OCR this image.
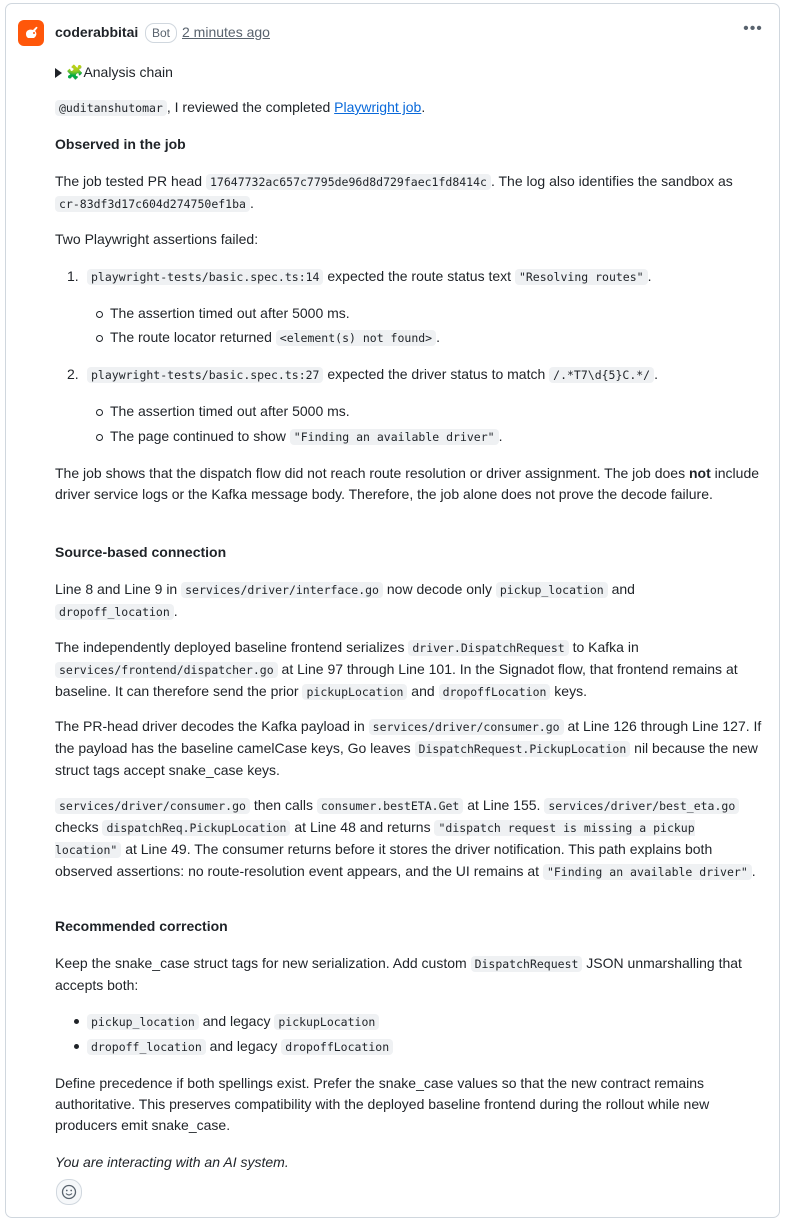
coderabbitai	Bot 2 minutes ago	•••
🧩 Analysis chain
@uditanshutomar , I reviewed the completed Playwright job.
Observed in the job
The job tested PR head 17647732ac657c7795de96d8d729faec1fd8414c . The log also identifies the sandbox as
cr-83df3d17c604d274750ef1ba .
Two Playwright assertions failed:
1.	playwright-tests/basic.spec.ts:14 expected the route status text "Resolving routes" .
The assertion timed out after 5000 ms.
The route locator returned <element(s) not found> .
2.	playwright-tests/basic.spec.ts:27 expected the driver status to match /.*T7\d{5}C.*/ .
The assertion timed out after 5000 ms.
The page continued to show "Finding an available driver" .
The job shows that the dispatch flow did not reach route resolution or driver assignment. The job does not include driver service logs or the Kafka message body. Therefore, the job alone does not prove the decode failure.
Source-based connection
Line 8 and Line 9 in services/driver/interface.go now decode only pickup_location and
dropoff_location .
The independently deployed baseline frontend serializes driver.DispatchRequest to Kafka in
services/frontend/dispatcher.go at Line 97 through Line 101. In the Signadot flow, that frontend remains at baseline. It can therefore send the prior pickupLocation and dropoffLocation keys.
The PR-head driver decodes the Kafka payload in services/driver/consumer.go at Line 126 through Line 127. If the payload has the baseline camelCase keys, Go leaves DispatchRequest.PickupLocation nil because the new struct tags accept snake_case keys.
services/driver/consumer.go then calls consumer.bestETA.Get at Line 155. services/driver/best_eta.go
checks dispatchReq.PickupLocation at Line 48 and returns "dispatch request is missing a pickup location" at Line 49. The consumer returns before it stores the driver notification. This path explains both observed assertions: no route-resolution event appears, and the UI remains at "Finding an available driver" .
Recommended correction
Keep the snake_case struct tags for new serialization. Add custom DispatchRequest JSON unmarshalling that accepts both:
pickup_location and legacy pickupLocation
dropoff_location and legacy dropoffLocation
Define precedence if both spellings exist. Prefer the snake_case values so that the new contract remains authoritative. This preserves compatibility with the deployed baseline frontend during the rollout while new producers emit snake_case.
You are interacting with an AI system.
